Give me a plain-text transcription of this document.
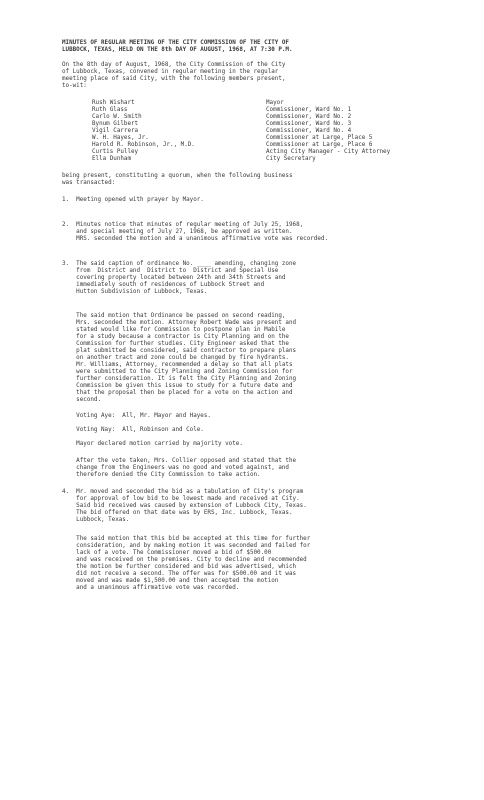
MINUTES OF REGULAR MEETING OF THE CITY COMMISSION OF THE CITY OF

LUBBOCK, TEXAS, HELD ON THE 8th DAY OF AUGUST, 1968, AT 7:30 P.M.

On the 8th day of August, 1968, the City Commission of the City

of Lubbock, Texas, convened in regular meeting in the regular

meeting place of said City, with the following members present,

to-wit:

Rush Wishart

Ruth Glass

Carlo W. Smith

Bynum Gilbert

Vigil Carrera

W. H. Hayes, Jr.

Harold R. Robinson, Jr., M.D.

Curtis Pulley

Ella Dunham

Mayor

Commissioner, Ward No. 1

Commissioner, Ward No. 2

Commissioner, Ward No. 3

Commissioner, Ward No. 4

Commissioner at Large, Place 5

Commissioner at Large, Place 6

Acting City Manager - City Attorney

City Secretary

being present, constituting a quorum, when the following business

was transacted:

1.  Meeting opened with prayer by Mayor.

2.  Minutes notice that minutes of regular meeting of July 25, 1968,

and special meeting of July 27, 1968, be approved as written.

MRS. seconded the motion and a unanimous affirmative vote was recorded.

3.  The said caption of ordinance No. ____ amending, changing zone

from  District and  District to  District and Special Use

covering property located between 24th and 34th Streets and

immediately south of residences of Lubbock Street and

Hutton Subdivision of Lubbock, Texas.

The said motion that Ordinance be passed on second reading,

Mrs. seconded the motion. Attorney Robert Wade was present and

stated would like for Commission to postpone plan in Mabile

for a study because a contractor is City Planning and on the

Commission for further studies. City Engineer asked that the

plat submitted be considered, said contractor to prepare plans

on another tract and zone could be changed by fire hydrants.

Mr. Williams, Attorney, recommended a delay so that all plats

were submitted to the City Planning and Zoning Commission for

further consideration. It is felt the City Planning and Zoning

Commission be given this issue to study for a future date and

that the proposal then be placed for a vote on the action and

second.

Voting Aye:  All, Mr. Mayor and Hayes.

Voting Nay:  All, Robinson and Cole.

Mayor declared motion carried by majority vote.

After the vote taken, Mrs. Collier opposed and stated that the

change from the Engineers was no good and voted against, and

therefore denied the City Commission to take action.

4.  Mr. moved and seconded the bid as a tabulation of City's program

for approval of low bid to be lowest made and received at City.

Said bid received was caused by extension of Lubbock City, Texas.

The bid offered on that date was by ERS, Inc. Lubbock, Texas.

Lubbock, Texas.

The said motion that this bid be accepted at this time for further

consideration, and by making motion it was seconded and failed for

lack of a vote. The Commissioner moved a bid of $500.00

and was received on the premises. City to decline and recommended

the motion be further considered and bid was advertised, which

did not receive a second. The offer was for $500.00 and it was

moved and was made $1,500.00 and then accepted the motion

and a unanimous affirmative vote was recorded.
